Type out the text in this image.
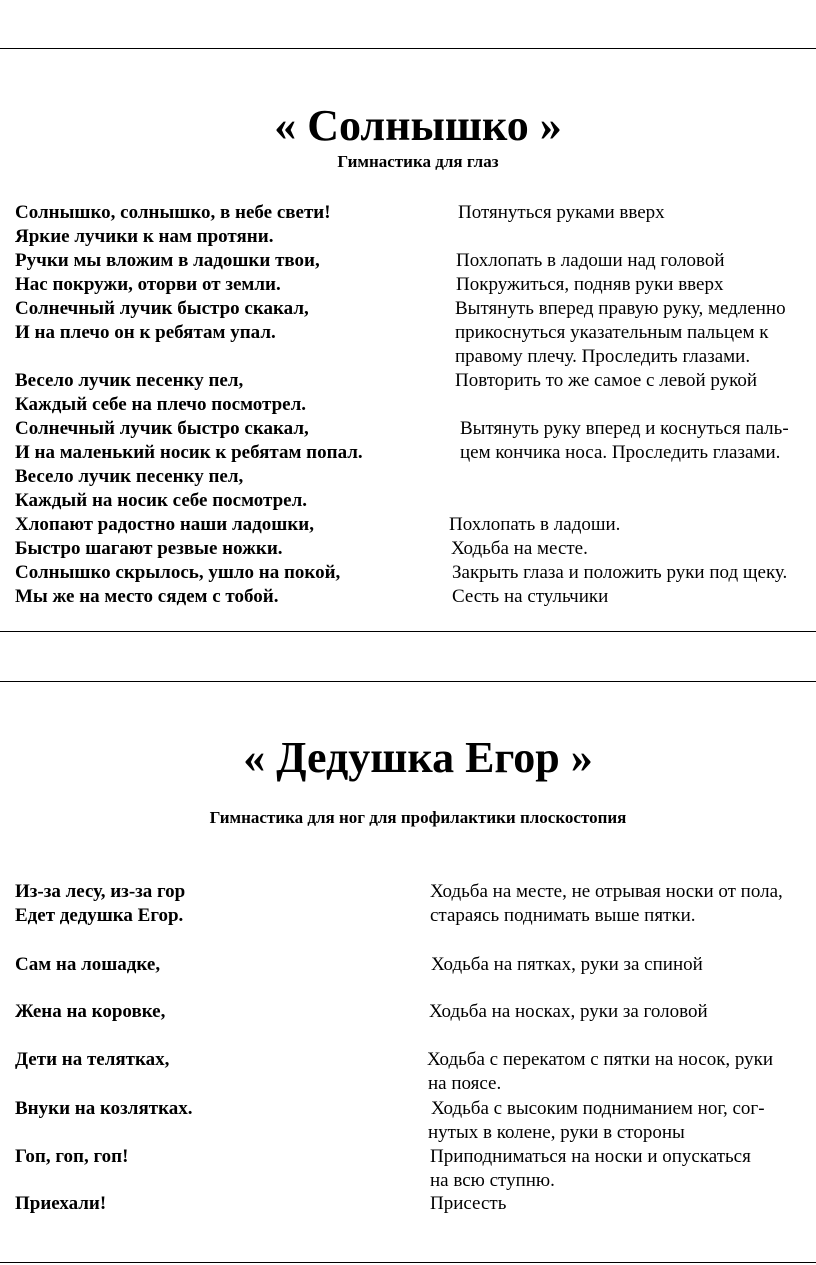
« Солнышко »
Гимнастика для глаз
Солнышко, солнышко, в небе свети!
Яркие лучики к нам протяни.
Ручки мы вложим в ладошки твои,
Нас покружи, оторви от земли.
Солнечный лучик быстро скакал,
И на плечо он к ребятам упал.
Весело лучик песенку пел,
Каждый себе на плечо посмотрел.
Солнечный лучик быстро скакал,
И на маленький носик к ребятам попал.
Весело лучик песенку пел,
Каждый на носик себе посмотрел.
Хлопают радостно наши ладошки,
Быстро шагают резвые ножки.
Солнышко скрылось, ушло на покой,
Мы же на место сядем с тобой.
Потянуться руками вверх
Похлопать в ладоши над головой
Покружиться, подняв руки вверх
Вытянуть вперед правую руку, медленно
прикоснуться указательным пальцем к
правому плечу. Проследить глазами.
Повторить то же самое с левой рукой
Вытянуть руку вперед и коснуться паль-
цем кончика носа. Проследить глазами.
Похлопать в ладоши.
Ходьба на месте.
Закрыть глаза и положить руки под щеку.
Сесть на стульчики
« Дедушка Егор »
Гимнастика для ног для профилактики плоскостопия
Из-за лесу, из-за гор
Едет дедушка Егор.
Сам на лошадке,
Жена на коровке,
Дети на телятках,
Внуки на козлятках.
Гоп, гоп, гоп!
Приехали!
Ходьба на месте, не отрывая носки от пола,
стараясь поднимать выше пятки.
Ходьба на пятках, руки за спиной
Ходьба на носках, руки за головой
Ходьба с перекатом с пятки на носок, руки
на поясе.
Ходьба с высоким подниманием ног, сог-
нутых в колене, руки в стороны
Приподниматься на носки и опускаться
на всю ступню.
Присесть
